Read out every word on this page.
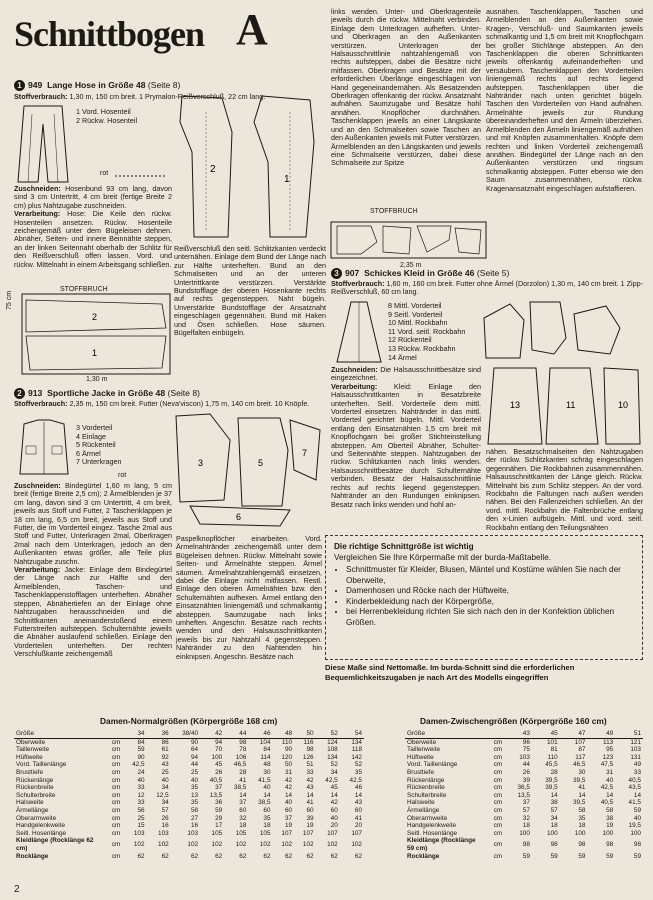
Schnittbogen A
1 949 Lange Hose in Größe 48 (Seite 8)
Stoffverbrauch: 1,30 m, 150 cm breit. 1 Prymalon-Reißverschluß, 22 cm lang.
1 Vord. Hosenteil
2 Rückw. Hosenteil
rot	2
1
Zuschneiden: Hosenbund 93 cm lang, davon sind 3 cm Untertritt, 4 cm breit (fertige Breite 2 cm) plus Nahtzugabe zuschneiden.
Verarbeitung: Hose: Die Keile den rückw. Hosenteilen ansetzen. Rückw. Hosenteile zeichengemäß unter dem Bügeleisen dehnen. Abnäher, Seiten- und innere Beinnähte steppen, an der linken Seitennaht oberhalb der Schlitz für den Reißverschluß offen lassen. Vord. und rückw. Mittelnaht in einem Arbeitsgang schließen.
STOFFBRUCH
2
1
1,30 m
75 cm
Reißverschluß den seitl. Schlitzkanten verdeckt unternähen. Einlage dem Bund der Länge nach zur Hälfte unterheften. Bund an den Schmalseiten und an der unteren Untertrittkante verstürzen. Verstärkte Bundstofflage der oberen Hosenkante rechts auf rechts gegensteppen. Naht bügeln. Unverstärkte Bundstofflage der Ansatznaht eingeschlagen gegennähen. Bund mit Haken und Ösen schließen. Hose säumen. Bügelfalten einbügeln.
links wenden. Unter- und Oberkragenteile jeweils durch die rückw. Mittelnaht verbinden. Einlage dem Unterkragen aufheften. Unter- und Oberkragen an den Außenkanten verstürzen. Unterkragen der Halsausschnittlinie nahtzahlengemäß von rechts aufsteppen, dabei die Besätze nicht mitfassen. Oberkragen und Besätze mit der erforderlichen Überlänge eingeschlagen von Hand gegeneinandernähen. Als Besatzenden Oberkragen offenkantig der rückw. Ansatznaht aufnähen. Saumzugabe und Besätze hohl annähen. Knopflöcher durchnähen. Taschenklappen jeweils an einer Längskante und an den Schmalseiten sowie Taschen an den Außenkanten jeweils mit Futter verstürzen. Ärmelblenden an den Längskanten und jeweils eine Schmalseite verstürzen, dabei diese Schmalseite zur Spitze
ausnähen. Taschenklappen, Taschen und Ärmelblenden an den Außenkanten sowie Kragen-, Verschluß- und Saumkanten jeweils schmalkantig und 1,5 cm breit mit Knopflochgarn bei großer Stichlänge absteppen. An den Taschenklappen die oberen Schnittkanten jeweils offenkantig aufeinanderheften und versäubern. Taschenklappen den Vorderteilen liniengemäß rechts auf rechts liegend aufsteppen. Taschenklappen über die Nahtränder nach unten gerichtet bügeln. Taschen den Vorderteilen von Hand aufnähen. Ärmelnähte jeweils zur Rundung übereinanderheften und den Ärmeln überziehen. Ärmelblenden den Ärmeln liniengemäß aufnähen und mit Knöpfen zusammenhalten. Knöpfe dem rechten und linken Vorderteil zeichengemäß annähen. Bindegürtel der Länge nach an den Außenkanten verstürzen und ringsum schmalkantig absteppen. Futter ebenso wie den Saum zusammennähen, rückw. Kragenansatznaht eingeschlagen aufstaffieren.
STOFFBRUCH
2,35 m
2 913 Sportliche Jacke in Größe 48 (Seite 8)
Stoffverbrauch: 2,35 m, 150 cm breit. Futter (Neva'viscon) 1,75 m, 140 cm breit. 10 Knöpfe.
3 Vorderteil
4 Einlage
5 Rückenteil
6 Ärmel
7 Unterkragen
rot
3	5
7
6
Zuschneiden: Bindegürtel 1,60 m lang, 5 cm breit (fertige Breite 2,5 cm); 2 Ärmelblenden je 37 cm lang, davon sind 3 cm Untertritt, 4 cm breit, jeweils aus Stoff und Futter, 2 Taschenklappen je 18 cm lang, 6,5 cm breit, jeweils aus Stoff und Futter, die im Vorderteil eingez. Tasche 2mal aus Stoff und Futter, Unterkragen 2mal, Oberkragen 2mal nach dem Unterkragen, jedoch an den Außenkanten etwas größer, alle Teile plus Nahtzugabe zuschn.
Verarbeitung: Jacke: Einlage dem Bindegürtel der Länge nach zur Hälfte und den Ärmelblenden, Taschen- und Taschenklappenstofflagen unterheften. Abnäher steppen, Abnähertiefen an der Einlage ohne Nahtzugaben herausschneiden und die Schnittkanten aneinanderstoßend einem Futterstreifen aufsteppen. Schulternähte jeweils die Abnäher auslaufend schließen. Einlage den Vorderteilen unterheften. Der rechten Verschlußkante zeichengemäß
Paspelknopflöcher einarbeiten. Vord. Ärmelnahtränder zeichengemäß unter dem Bügeleisen dehnen. Rückw. Mittelnaht sowie Seiten- und Ärmelnähte steppen. Ärmel säumen. Ärmelnahtzahlengemäß einsetzen, dabei die Einlage nicht mitfassen. Restl. Einlage den oberen Ärmelnähten bzw. den Schulternähten aufhexen. Ärmel entlang den Einsatznähten liniengemäß und schmalkantig absteppen. Saumzugabe nach links umheften. Angeschn. Besätze nach rechts wenden und den Halsausschnittkanten jeweils bis zur Nahtzahl 4 gegensteppen. Nahtränder zu den Nahtenden hin einknipsen. Angeschn. Besätze nach
3 907 Schickes Kleid in Größe 46 (Seite 5)
Stoffverbrauch: 1,60 m, 160 cm breit. Futter ohne Ärmel (Dorzolon) 1,30 m, 140 cm breit. 1 Zipp-Reißverschluß, 60 cm lang.
8 Mittl. Vorderteil
9 Seitl. Vorderteil
10 Mittl. Rockbahn
11 Vord. seitl. Rockbahn
12 Rückenteil
13 Rückw. Rockbahn
14 Ärmel
13	11	10
Zuschneiden: Die Halsausschnittbesätze sind eingezeichnet.
Verarbeitung: Kleid: Einlage den Halsausschnittkanten in Besatzbreite unterheften. Seitl. Vorderteile dem mittl. Vorderteil einsetzen. Nahtränder in das mittl. Vorderteil gerichtet bügeln. Mittl. Vorderteil entlang den Einsatznähten 1,5 cm breit mit Knopflochgarn bei großer Stichteinstellung absteppen. Am Oberteil Abnäher, Schulter- und Seitennähte steppen. Nahtzugaben der rückw. Schlitzkanten nach links wenden. Halsausschnittbesätze durch Schulternähte verbinden. Besatz der Halsausschnittlinie rechts auf rechts liegend gegensteppen. Nahtränder an den Rundungen einknipsen. Besatz nach links wenden und hohl an-
nähen. Besatzschmalseiten den Nahtzugaben der rückw. Schlitzkanten schräg eingeschlagen gegennähen. Die Rockbahnen zusammennähen. Halsausschnittkanten der Länge gleich. Rückw. Mittelnaht bis zum Schlitz steppen. An der vord. Rockbahn die Faltungen nach außen wenden nähen. Bei den Fallenzeichen schließen. An der vord. mittl. Rockbahn die Faltenbrüche entlang den x-Linien aufbügeln. Mittl. und vord. seitl. Rockbahn entlang den Teilungsnähten
Die richtige Schnittgröße ist wichtig
Vergleichen Sie Ihre Körpermaße mit der burda-Maßtabelle.
• Schnittmuster für Kleider, Blusen, Mäntel und Kostüme wählen Sie nach der Oberweite,
• Damenhosen und Röcke nach der Hüftweite,
• Kinderbekleidung nach der Körpergröße,
• bei Herrenbekleidung richten Sie sich nach den in der Konfektion üblichen Größen.
Diese Maße sind Nettomaße. Im burda-Schnitt sind die erforderlichen Bequemlichkeitszugaben je nach Art des Modells eingegriffen
Damen-Normalgrößen (Körpergröße 168 cm)
Größe		34	36	38/40	42	44	46	48	50	52	54
Oberweite	cm	84	86	90	94	98	104	110	116	124	134
Taillenweite	cm	59	61	64	70	78	84	90	98	108	118
Hüftweite	cm	90	92	94	100	106	114	120	126	134	142
Vord. Taillenlänge	cm	42,5	43	44	45	46,5	48	50	51	52	52
Brusttiefe	cm	24	25	25	26	28	30	31	33	34	35
Rückenlänge	cm	40	40	40	40,5	41	41,5	42	42	42,5	42,5
Rückenbreite	cm	33	34	35	37	38,5	40	42	43	45	46
Schulterbreite	cm	12	12,5	13	13,5	14	14	14	14	14	14
Halsweite	cm	33	34	35	36	37	38,5	40	41	42	43
Ärmellänge	cm	56	57	58	59	60	60	60	60	60	60
Oberarmweite	cm	25	26	27	29	32	35	37	39	40	41
Handgelenkweite	cm	15	16	16	17	18	18	19	19	20	20
Seitl. Hosenlänge	cm	103	103	103	105	105	105	107	107	107	107
Kleidlänge (Rocklänge 62 cm)	cm	102	102	102	102	102	102	102	102	102	102
Rocklänge	cm	62	62	62	62	62	62	62	62	62	62
Damen-Zwischengrößen (Körpergröße 160 cm)
Größe		43	45	47	49	51
Oberweite	cm	96	101	107	113	121
Taillenweite	cm	75	81	87	95	103
Hüftweite	cm	103	110	117	123	131
Vord. Taillenlänge	cm	44	45,5	46,5	47,5	49
Brusttiefe	cm	26	28	30	31	33
Rückenlänge	cm	39	39,5	39,5	40	40,5
Rückenbreite	cm	36,5	39,5	41	42,5	43,5
Schulterbreite	cm	13,5	14	14	14	14
Halsweite	cm	37	38	39,5	40,5	41,5
Ärmellänge	cm	57	57	58	58	59
Oberarmweite	cm	32	34	35	38	40
Handgelenkweite	cm	18	18	18	19	19,5
Seitl. Hosenlänge	cm	100	100	100	100	100
Kleidlänge (Rocklänge 59 cm)	cm	98	98	98	98	98
Rocklänge	cm	59	59	59	59	59
2
